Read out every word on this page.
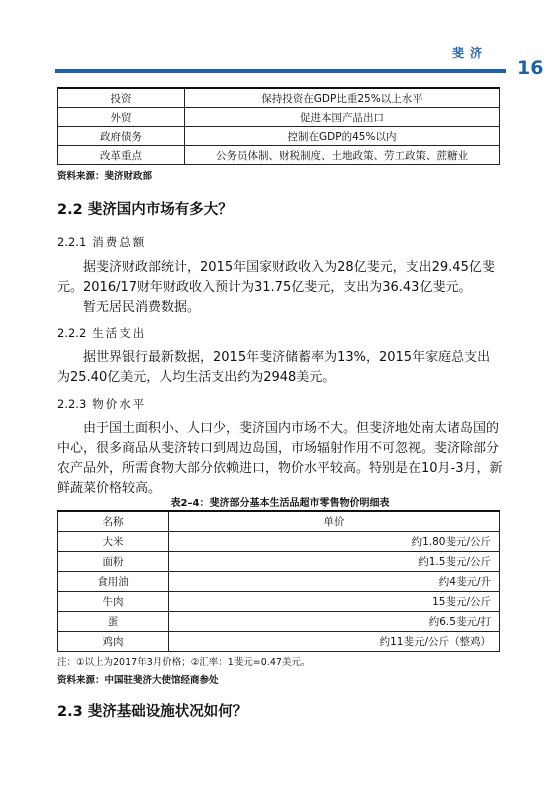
斐济
16
投资	保持投资在GDP比重25%以上水平
外贸	促进本国产品出口
政府债务	控制在GDP的45%以内
改革重点	公务员体制、财税制度、土地政策、劳工政策、蔗糖业
资料来源：斐济财政部
2.2 斐济国内市场有多大？
2.2.1 消费总额

据斐济财政部统计，2015年国家财政收入为28亿斐元，支出29.45亿斐元。2016/17财年财政收入预计为31.75亿斐元，支出为36.43亿斐元。

暂无居民消费数据。

2.2.2 生活支出

据世界银行最新数据，2015年斐济储蓄率为13%，2015年家庭总支出为25.40亿美元，人均生活支出约为2948美元。

2.2.3 物价水平

由于国土面积小、人口少，斐济国内市场不大。但斐济地处南太诸岛国的中心，很多商品从斐济转口到周边岛国，市场辐射作用不可忽视。斐济除部分农产品外，所需食物大部分依赖进口，物价水平较高。特别是在10月-3月，新鲜蔬菜价格较高。

表2–4：斐济部分基本生活品超市零售物价明细表
名称	单价
大米	约1.80斐元/公斤
面粉	约1.5斐元/公斤
食用油	约4斐元/升
牛肉	15斐元/公斤
蛋	约6.5斐元/打
鸡肉	约11斐元/公斤（整鸡）
注：①以上为2017年3月价格；②汇率：1斐元=0.47美元。
资料来源：中国驻斐济大使馆经商参处
2.3 斐济基础设施状况如何？
